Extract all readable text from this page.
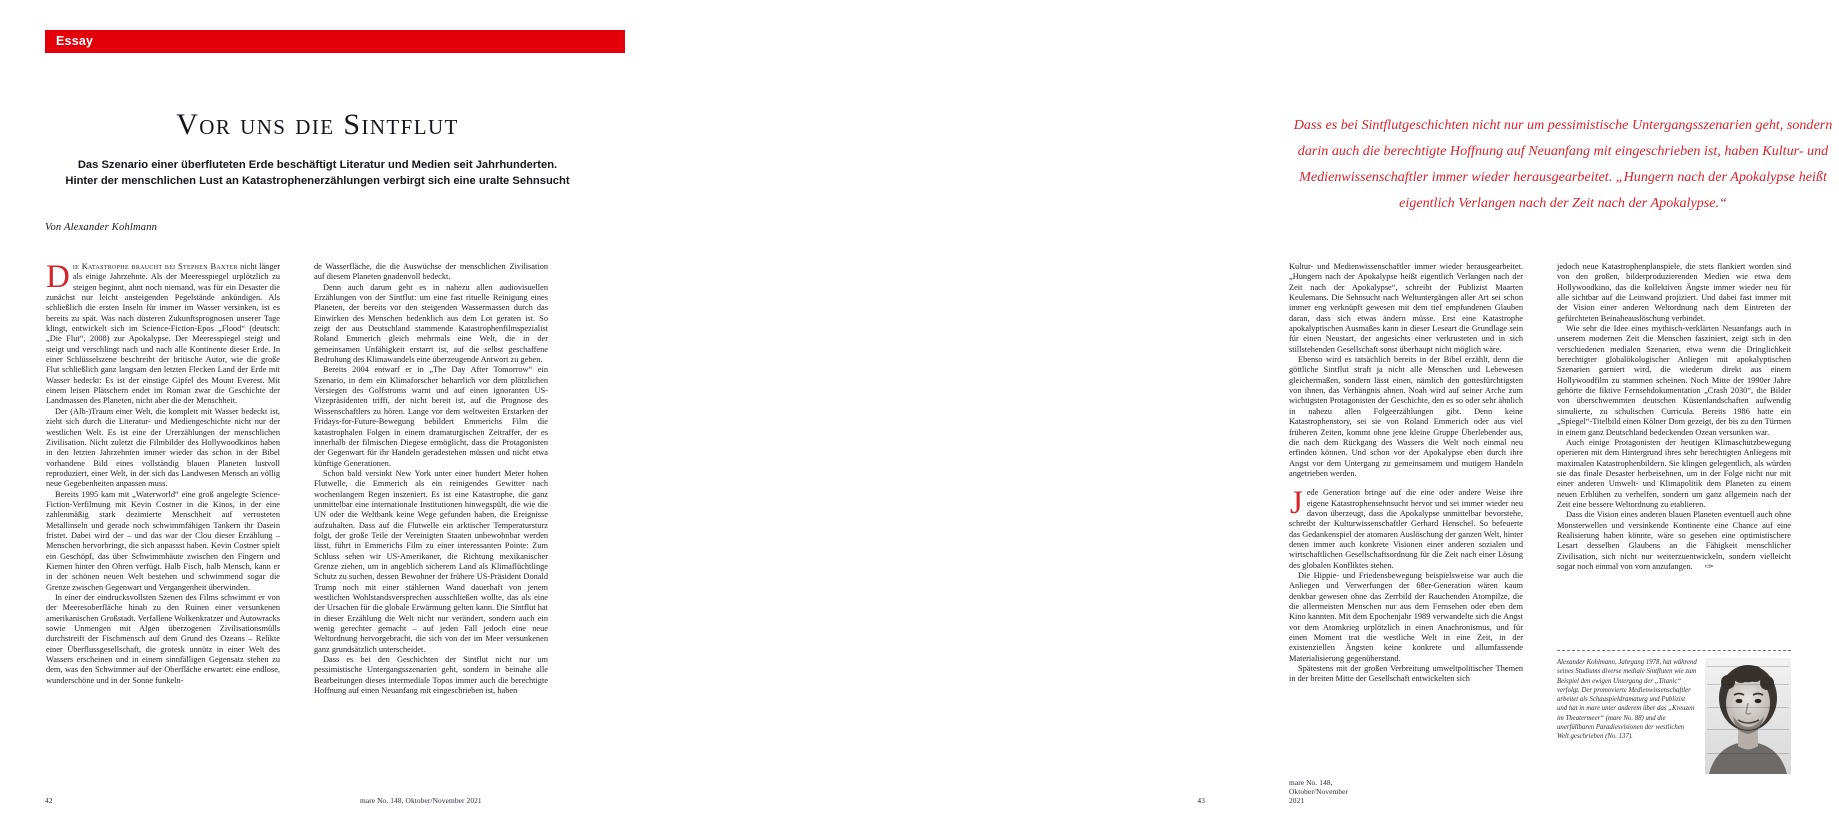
Essay
Vor uns die Sintflut

Das Szenario einer überfluteten Erde beschäftigt Literatur und Medien seit Jahrhunderten.

Hinter der menschlichen Lust an Katastrophenerzählungen verbirgt sich eine uralte Sehnsucht

Von Alexander Kohlmann

Die Katastrophe braucht bei Stephen Baxter nicht länger als einige Jahrzehnte. Als der Meeresspiegel urplötzlich zu steigen beginnt, ahnt noch niemand, was für ein Desaster die zunächst nur leicht ansteigenden Pegelstände ankündigen. Als schließlich die ersten Inseln für immer im Wasser versinken, ist es bereits zu spät. Was nach düsteren Zukunftsprognosen unserer Tage klingt, entwickelt sich im Science-Fiction-Epos „Flood“ (deutsch: „Die Flut“, 2008) zur Apokalypse. Der Meeresspiegel steigt und steigt und verschlingt nach und nach alle Kontinente dieser Erde. In einer Schlüsselszene beschreibt der britische Autor, wie die große Flut schließlich ganz langsam den letzten Flecken Land der Erde mit Wasser bedeckt: Es ist der einstige Gipfel des Mount Everest. Mit einem leisen Plätschern endet im Roman zwar die Geschichte der Landmassen des Planeten, nicht aber die der Menschheit.

Der (Alb-)Traum einer Welt, die komplett mit Wasser bedeckt ist, zieht sich durch die Literatur- und Mediengeschichte nicht nur der westlichen Welt. Es ist eine der Urerzählungen der menschlichen Zivilisation. Nicht zuletzt die Filmbilder des Hollywoodkinos haben in den letzten Jahrzehnten immer wieder das schon in der Bibel vorhandene Bild eines vollständig blauen Planeten lustvoll reproduziert, einer Welt, in der sich das Landwesen Mensch an völlig neue Gegebenheiten anpassen muss.

Bereits 1995 kam mit „Waterworld“ eine groß angelegte Science-Fiction-Verfilmung mit Kevin Costner in die Kinos, in der eine zahlenmäßig stark dezimierte Menschheit auf verrosteten Metallinseln und gerade noch schwimmfähigen Tankern ihr Dasein fristet. Dabei wird der – und das war der Clou dieser Erzählung – Menschen hervorbringt, die sich anpassst haben. Kevin Costner spielt ein Geschöpf, das über Schwimmhäute zwischen den Fingern und Kiemen hinter den Ohren verfügt. Halb Fisch, halb Mensch, kann er in der schönen neuen Welt bestehen und schwimmend sogar die Grenze zwischen Gegenwart und Vergangenheit überwinden.

In einer der eindrucksvollsten Szenen des Films schwimmt er von der Meeresoberfläche hinab zu den Ruinen einer versunkenen amerikanischen Großstadt. Verfallene Wolkenkratzer und Autowracks sowie Unmengen mit Algen überzogenen Zivilisationsmülls durchstreift der Fischmensch auf dem Grund des Ozeans – Relikte einer Überflussgesellschaft, die grotesk unnütz in einer Welt des Wassers erscheinen und in einem sinnfälligen Gegensatz stehen zu dem, was den Schwimmer auf der Oberfläche erwartet: eine endlose, wunderschöne und in der Sonne funkeln-

de Wasserfläche, die die Auswüchse der menschlichen Zivilisation auf diesem Planeten gnadenvoll bedeckt.

Denn auch darum geht es in nahezu allen audiovisuellen Erzählungen von der Sintflut: um eine fast rituelle Reinigung eines Planeten, der bereits vor den steigenden Wassermassen durch das Einwirken des Menschen bedenklich aus dem Lot geraten ist. So zeigt der aus Deutschland stammende Katastrophenfilmspezialist Roland Emmerich gleich mehrmals eine Welt, die in der gemeinsamen Unfähigkeit erstarrt ist, auf die selbst geschaffene Bedrohung des Klimawandels eine überzeugende Antwort zu geben.

Bereits 2004 entwarf er in „The Day After Tomorrow“ ein Szenario, in dem ein Klimaforscher beharrlich vor dem plötzlichen Versiegen des Golfstroms warnt und auf einen ignoranten US-Vizepräsidenten trifft, der nicht bereit ist, auf die Prognose des Wissenschaftlers zu hören. Lange vor dem weltweiten Erstarken der Fridays-for-Future-Bewegung bebildert Emmerichs Film die katastrophalen Folgen in einem dramaturgischen Zeitraffer, der es innerhalb der filmischen Diegese ermöglicht, dass die Protagonisten der Gegenwart für ihr Handeln geradestehen müssen und nicht etwa künftige Generationen.

Schon bald versinkt New York unter einer hundert Meter hohen Flutwelle, die Emmerich als ein reinigendes Gewitter nach wochenlangem Regen inszeniert. Es ist eine Katastrophe, die ganz unmittelbar eine internationale Institutionen hinwegspült, die wie die UN oder die Weltbank keine Wege gefunden haben, die Ereignisse aufzuhalten. Dass auf die Flutwelle ein arktischer Temperatursturz folgt, der große Teile der Vereinigten Staaten unbewohnbar werden lässt, führt in Emmerichs Film zu einer interessanten Pointe: Zum Schluss sehen wir US-Amerikaner, die Richtung mexikanischer Grenze ziehen, um in angeblich sicherem Land als Klimaflüchtlinge Schutz zu suchen, dessen Bewohner der frühere US-Präsident Donald Trump noch mit einer stählernen Wand dauerhaft von jenem westlichen Wohlstandsversprechen ausschließen wollte, das als eine der Ursachen für die globale Erwärmung gelten kann. Die Sintflut hat in dieser Erzählung die Welt nicht nur verändert, sondern auch ein wenig gerechter gemacht – auf jeden Fall jedoch eine neue Weltordnung hervorgebracht, die sich von der im Meer versunkenen ganz grundsätzlich unterscheidet.

Dass es bei den Geschichten der Sintflut nicht nur um pessimistische Untergangsszenarien geht, sondern in beinahe alle Bearbeitungen dieses intermediale Topos immer auch die berechtigte Hoffnung auf einen Neuanfang mit eingeschrieben ist, haben

42	mare No. 148, Oktober/November 2021
Dass es bei Sintflutgeschichten nicht nur um pessimistische Untergangsszenarien geht, sondern darin auch die berechtigte Hoffnung auf Neuanfang mit eingeschrieben ist, haben Kultur- und Medienwissenschaftler immer wieder herausgearbeitet. „Hungern nach der Apokalypse heißt eigentlich Verlangen nach der Zeit nach der Apokalypse.“

Kultur- und Medienwissenschaftler immer wieder herausgearbeitet. „Hungern nach der Apokalypse heißt eigentlich Verlangen nach der Zeit nach der Apokalypse“, schreibt der Publizist Maarten Keulemans. Die Sehnsucht nach Weltuntergängen aller Art sei schon immer eng verknüpft gewesen mit dem tief empfundenen Glauben daran, dass sich etwas ändern müsse. Erst eine Katastrophe apokalyptischen Ausmaßes kann in dieser Leseart die Grundlage sein für einen Neustart, der angesichts einer verkrusteten und in sich stillstehenden Gesellschaft sonst überhaupt nicht möglich wäre.

Ebenso wird es tatsächlich bereits in der Bibel erzählt, denn die göttliche Sintflut straft ja nicht alle Menschen und Lebewesen gleichermaßen, sondern lässt einen, nämlich den gottesfürchtigsten von ihnen, das Verhängnis ahnen. Noah wird auf seiner Arche zum wichtigsten Protagonisten der Geschichte, den es so oder sehr ähnlich in nahezu allen Folgeerzählungen gibt. Denn keine Katastrophenstory, sei sie von Roland Emmerich oder aus viel früheren Zeiten, kommt ohne jene kleine Gruppe Überlebender aus, die nach dem Rückgang des Wassers die Welt noch einmal neu erfinden können. Und schon vor der Apokalypse eben durch ihre Angst vor dem Untergang zu gemeinsamem und mutigem Handeln angetrieben werden.

Jede Generation bringe auf die eine oder andere Weise ihre eigene Katastrophensehnsucht hervor und sei immer wieder neu davon überzeugt, dass die Apokalypse unmittelbar bevorstehe, schreibt der Kulturwissenschaftler Gerhard Henschel. So befeuerte das Gedankenspiel der atomaren Auslöschung der ganzen Welt, hinter denen immer auch konkrete Visionen einer anderen sozialen und wirtschaftlichen Gesellschaftsordnung für die Zeit nach einer Lösung des globalen Konfliktes stehen.

Die Hippie- und Friedensbewegung beispielsweise war auch die Anliegen und Verwerfungen der 68er-Generation wären kaum denkbar gewesen ohne das Zerrbild der Rauchenden Atompilze, die die allermeisten Menschen nur aus dem Fernsehen oder eben dem Kino kannten. Mit dem Epochenjahr 1989 verwandelte sich die Angst vor dem Atomkrieg urplötzlich in einen Anachronismus, und für einen Moment trat die westliche Welt in eine Zeit, in der existenziellen Ängsten keine konkrete und allumfassende Materialisierung gegenüberstand.

Spätestens mit der großen Verbreitung umweltpolitischer Themen in der breiten Mitte der Gesellschaft entwickelten sich

jedoch neue Katastrophenplanspiele, die stets flankiert worden sind von den großen, bilderproduzierenden Medien wie etwa dem Hollywoodkino, das die kollektiven Ängste immer wieder neu für alle sichtbar auf die Leinwand projiziert. Und dabei fast immer mit der Vision einer anderen Weltordnung nach dem Eintreten der gefürchteten Beinaheauslöschung verbindet.

Wie sehr die Idee eines mythisch-verklärten Neuanfangs auch in unserem modernen Zeit die Menschen fasziniert, zeigt sich in den verschiedenen medialen Szenarien, etwa wenn die Dringlichkeit berechtigter globalökologischer Anliegen mit apokalyptischen Szenarien garniert wird, die wiederum direkt aus einem Hollywoodfilm zu stammen scheinen. Noch Mitte der 1990er Jahre gehörte die fiktive Fernsehdokumentation „Crash 2030“, die Bilder von überschwemmten deutschen Küstenlandschaften aufwendig simulierte, zu schulischen Curricula. Bereits 1986 hatte ein „Spiegel“-Titelbild einen Kölner Dom gezeigt, der bis zu den Türmen in einem ganz Deutschland bedeckenden Ozean versunken war.

Auch einige Protagonisten der heutigen Klimaschutzbewegung operieren mit dem Hintergrund ihres sehr berechtigten Anliegens mit maximalen Katastrophenbildern. Sie klingen gelegentlich, als würden sie das finale Desaster herbeisehnen, um in der Folge nicht nur mit einer anderen Umwelt- und Klimapolitik dem Planeten zu einem neuen Erblühen zu verhelfen, sondern um ganz allgemein nach der Zeit eine bessere Weltordnung zu etablieren.

Dass die Vision eines anderen blauen Planeten eventuell auch ohne Monsterwellen und versinkende Kontinente eine Chance auf eine Realisierung haben könnte, wäre so gesehen eine optimistischere Lesart desselben Glaubens an die Fähigkeit menschlicher Zivilisation, sich nicht nur weiterzuentwickeln, sondern vielleicht sogar noch einmal von vorn anzufangen. ✑

Alexander Kohlmann, Jahrgang 1978, hat während seines Studiums diverse mediale Sintfluten wie zum Beispiel den ewigen Untergang der „Titanic“ verfolgt. Der promovierte Medienwissenschaftler arbeitet als Schauspieldramaturg und Publizist und hat in mare unter anderem über das „Kreuzen im Theatermeer“ (mare No. 88) und die unerfüllbaren Paradiesvisionen der westlichen Welt geschrieben (No. 137).
mare No. 148, Oktober/November 2021
43
